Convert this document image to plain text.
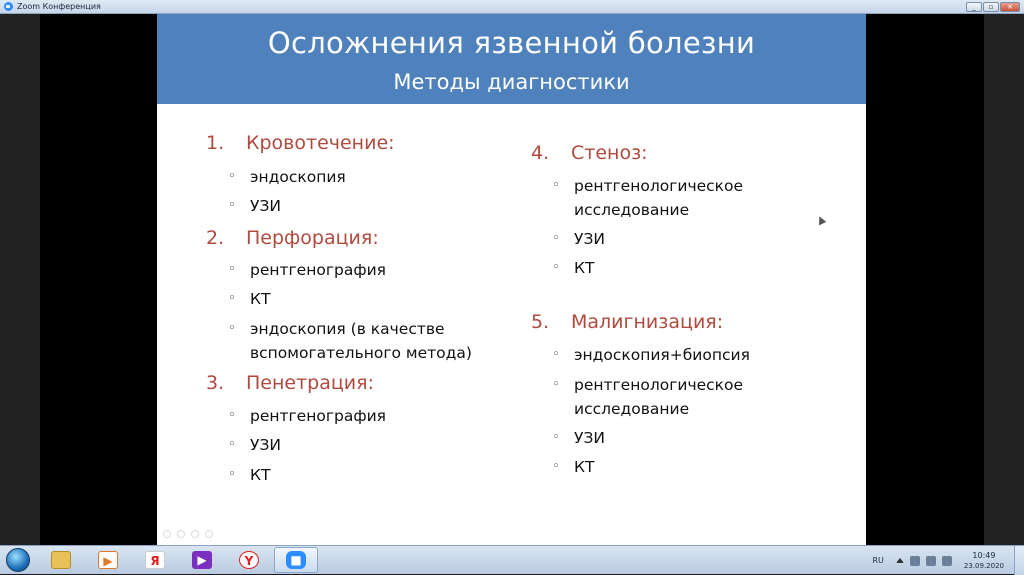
Zoom Конференция	_	▫	✕
Осложнения язвенной болезни
Методы диагностики
1. Кровотечение:
◦ эндоскопия
◦ УЗИ
2. Перфорация:
◦ рентгенография
◦ КТ
◦ эндоскопия (в качестве
вспомогательного метода)
3. Пенетрация:
◦ рентгенография
◦ УЗИ
◦ КТ
4. Стеноз:
◦ рентгенологическое
исследование
◦ УЗИ
◦ КТ
5. Малигнизация:
◦ эндоскопия+биопсия
◦ рентгенологическое
исследование
◦ УЗИ
◦ КТ
▶	Я	▶	Y	■	RU
10:49
23.09.2020
